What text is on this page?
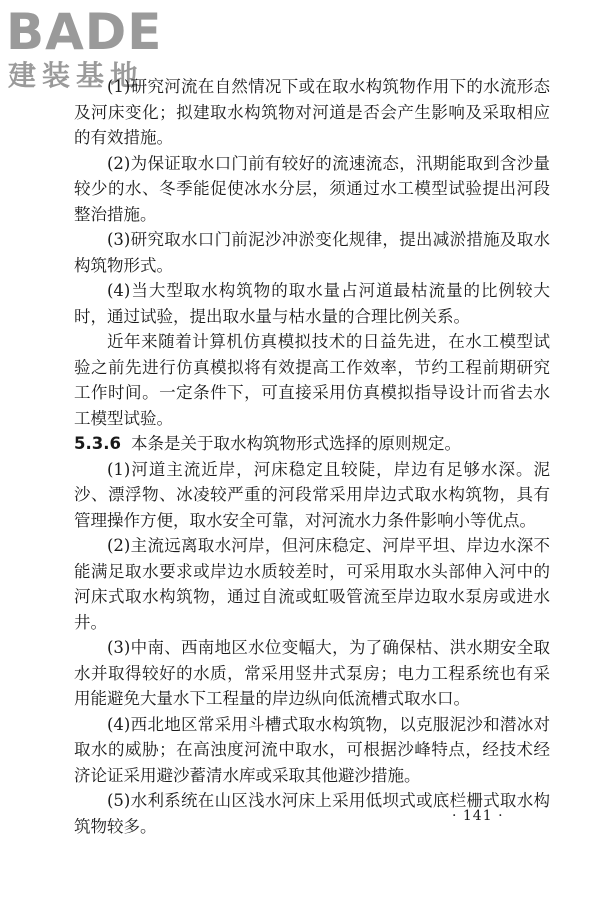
BADE
建装基地

(1)研究河流在自然情况下或在取水构筑物作用下的水流形态及河床变化；拟建取水构筑物对河道是否会产生影响及采取相应的有效措施。

(2)为保证取水口门前有较好的流速流态，汛期能取到含沙量较少的水、冬季能促使冰水分层，须通过水工模型试验提出河段整治措施。

(3)研究取水口门前泥沙冲淤变化规律，提出减淤措施及取水构筑物形式。

(4)当大型取水构筑物的取水量占河道最枯流量的比例较大时，通过试验，提出取水量与枯水量的合理比例关系。

近年来随着计算机仿真模拟技术的日益先进，在水工模型试验之前先进行仿真模拟将有效提高工作效率，节约工程前期研究工作时间。一定条件下，可直接采用仿真模拟指导设计而省去水工模型试验。

5.3.6 本条是关于取水构筑物形式选择的原则规定。

(1)河道主流近岸，河床稳定且较陡，岸边有足够水深。泥沙、漂浮物、冰凌较严重的河段常采用岸边式取水构筑物，具有管理操作方便，取水安全可靠，对河流水力条件影响小等优点。

(2)主流远离取水河岸，但河床稳定、河岸平坦、岸边水深不能满足取水要求或岸边水质较差时，可采用取水头部伸入河中的河床式取水构筑物，通过自流或虹吸管流至岸边取水泵房或进水井。

(3)中南、西南地区水位变幅大，为了确保枯、洪水期安全取水并取得较好的水质，常采用竖井式泵房；电力工程系统也有采用能避免大量水下工程量的岸边纵向低流槽式取水口。

(4)西北地区常采用斗槽式取水构筑物，以克服泥沙和潜冰对取水的威胁；在高浊度河流中取水，可根据沙峰特点，经技术经济论证采用避沙蓄清水库或采取其他避沙措施。

(5)水利系统在山区浅水河床上采用低坝式或底栏栅式取水构筑物较多。

· 141 ·
